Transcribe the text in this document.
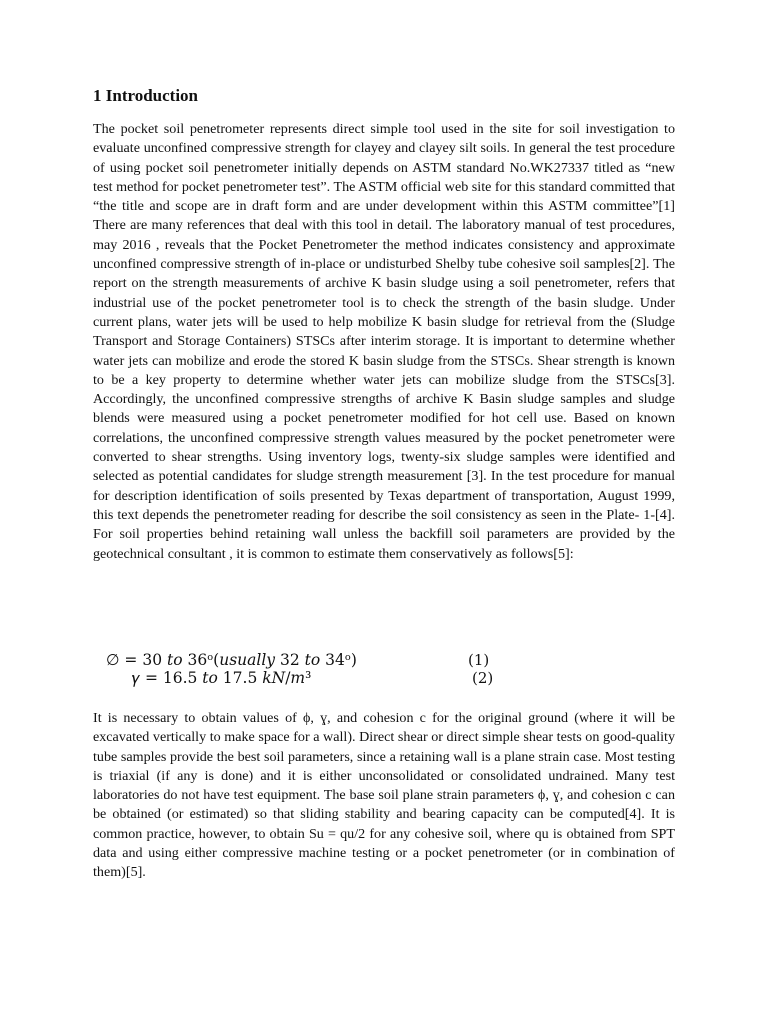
1 Introduction

The pocket soil penetrometer represents direct simple tool used in the site for soil investigation to evaluate unconfined compressive strength for clayey and clayey silt soils. In general the test procedure of using pocket soil penetrometer initially depends on ASTM standard No.WK27337 titled as “new test method for pocket penetrometer test”. The ASTM official web site for this standard committed that “the title and scope are in draft form and are under development within this ASTM committee”[1] There are many references that deal with this tool in detail. The laboratory manual of test procedures, may 2016 , reveals that the Pocket Penetrometer the method indicates consistency and approximate unconfined compressive strength of in-place or undisturbed Shelby tube cohesive soil samples[2]. The report on the strength measurements of archive K basin sludge using a soil penetrometer, refers that industrial use of the pocket penetrometer tool is to check the strength of the basin sludge. Under current plans, water jets will be used to help mobilize K basin sludge for retrieval from the (Sludge Transport and Storage Containers) STSCs after interim storage. It is important to determine whether water jets can mobilize and erode the stored K basin sludge from the STSCs. Shear strength is known to be a key property to determine whether water jets can mobilize sludge from the STSCs[3]. Accordingly, the unconfined compressive strengths of archive K Basin sludge samples and sludge blends were measured using a pocket penetrometer modified for hot cell use. Based on known correlations, the unconfined compressive strength values measured by the pocket penetrometer were converted to shear strengths. Using inventory logs, twenty-six sludge samples were identified and selected as potential candidates for sludge strength measurement [3]. In the test procedure for manual for description identification of soils presented by Texas department of transportation, August 1999, this text depends the penetrometer reading for describe the soil consistency as seen in the Plate- 1-[4]. For soil properties behind retaining wall unless the backfill soil parameters are provided by the geotechnical consultant , it is common to estimate them conservatively as follows[5]:

∅ = 30 𝑡𝑜 36ᵒ(𝑢𝑠𝑢𝑎𝑙𝑙𝑦 32 𝑡𝑜 34ᵒ)	(1)
𝛾 = 16.5 𝑡𝑜 17.5 𝑘𝑁/𝑚³	(2)

It is necessary to obtain values of ϕ, ɣ, and cohesion c for the original ground (where it will be excavated vertically to make space for a wall). Direct shear or direct simple shear tests on good-quality tube samples provide the best soil parameters, since a retaining wall is a plane strain case. Most testing is triaxial (if any is done) and it is either unconsolidated or consolidated undrained. Many test laboratories do not have test equipment. The base soil plane strain parameters ϕ, ɣ, and cohesion c can be obtained (or estimated) so that sliding stability and bearing capacity can be computed[4]. It is common practice, however, to obtain Su = qu/2 for any cohesive soil, where qu is obtained from SPT data and using either compressive machine testing or a pocket penetrometer (or in combination of them)[5].
